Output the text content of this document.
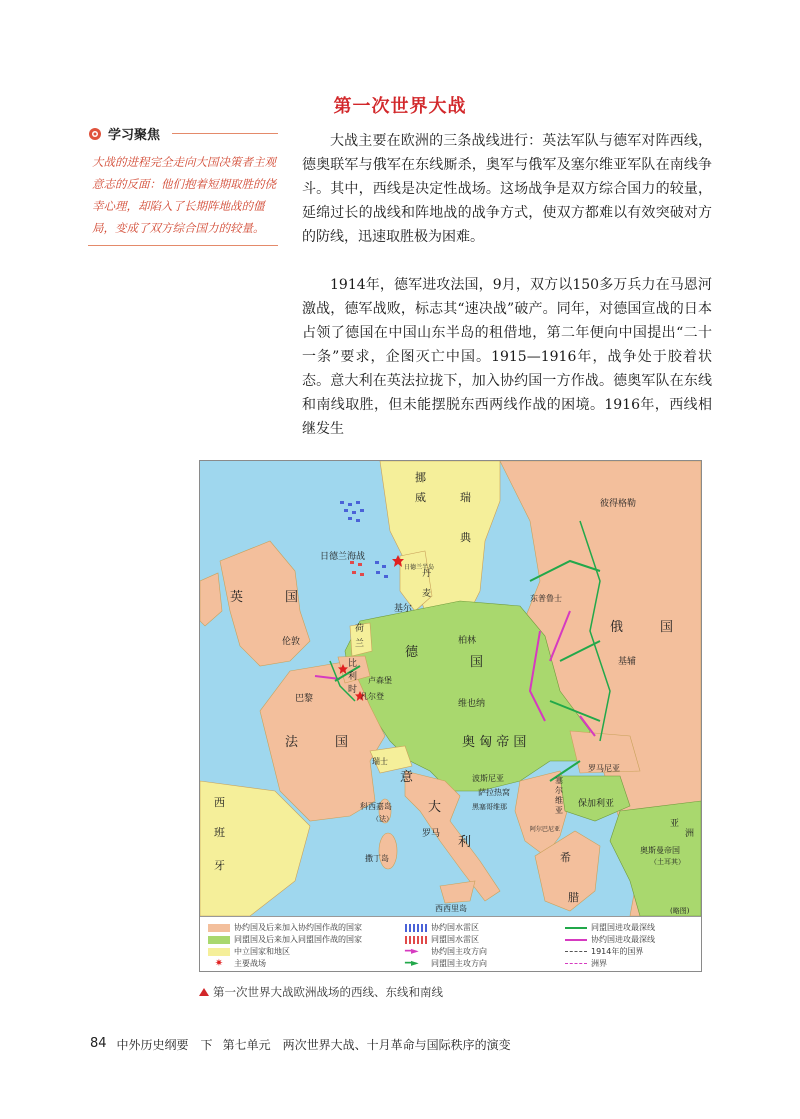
第一次世界大战
学习聚焦
大战的进程完全走向大国决策者主观意志的反面：他们抱着短期取胜的侥幸心理，却陷入了长期阵地战的僵局，变成了双方综合国力的较量。

大战主要在欧洲的三条战线进行：英法军队与德军对阵西线，德奥联军与俄军在东线厮杀，奥军与俄军及塞尔维亚军队在南线争斗。其中，西线是决定性战场。这场战争是双方综合国力的较量，延绵过长的战线和阵地战的战争方式，使双方都难以有效突破对方的防线，迅速取胜极为困难。

1914年，德军进攻法国，9月，双方以150多万兵力在马恩河激战，德军战败，标志其“速决战”破产。同年，对德国宣战的日本占领了德国在中国山东半岛的租借地，第二年便向中国提出“二十一条”要求，企图灭亡中国。1915—1916年，战争处于胶着状态。意大利在英法拉拢下，加入协约国一方作战。德奥军队在东线和南线取胜，但未能摆脱东西两线作战的困境。1916年，西线相继发生

挪
威	瑞
典
彼得格勒
日德兰海战
丹
麦
日德兰半岛
基尔
英	国
伦敦
荷
兰	柏林
德
国
俄	国
基辅
东普鲁士
比
利
时
卢森堡
巴黎	凡尔登
法	国
维也纳
瑞士
奥 匈 帝 国
罗马尼亚
波斯尼亚
萨拉热窝
黑塞哥维那
塞
尔
维
亚
保加利亚
阿尔巴尼亚
意
大
利
西
班
牙
科西嘉岛
（法）
罗马
撒丁岛
西西里岛
希
腊
奥斯曼帝国
（土耳其）
亚
洲
(略图)
协约国及后来加入协约国作战的国家
同盟国及后来加入同盟国作战的国家
中立国家和地区
✷	主要战场
协约国水雷区
同盟国水雷区
━►	协约国主攻方向
━►	同盟国主攻方向
同盟国进攻最深线
协约国进攻最深线
1914年的国界
洲界
第一次世界大战欧洲战场的西线、东线和南线
84 中外历史纲要　下 第七单元　两次世界大战、十月革命与国际秩序的演变
